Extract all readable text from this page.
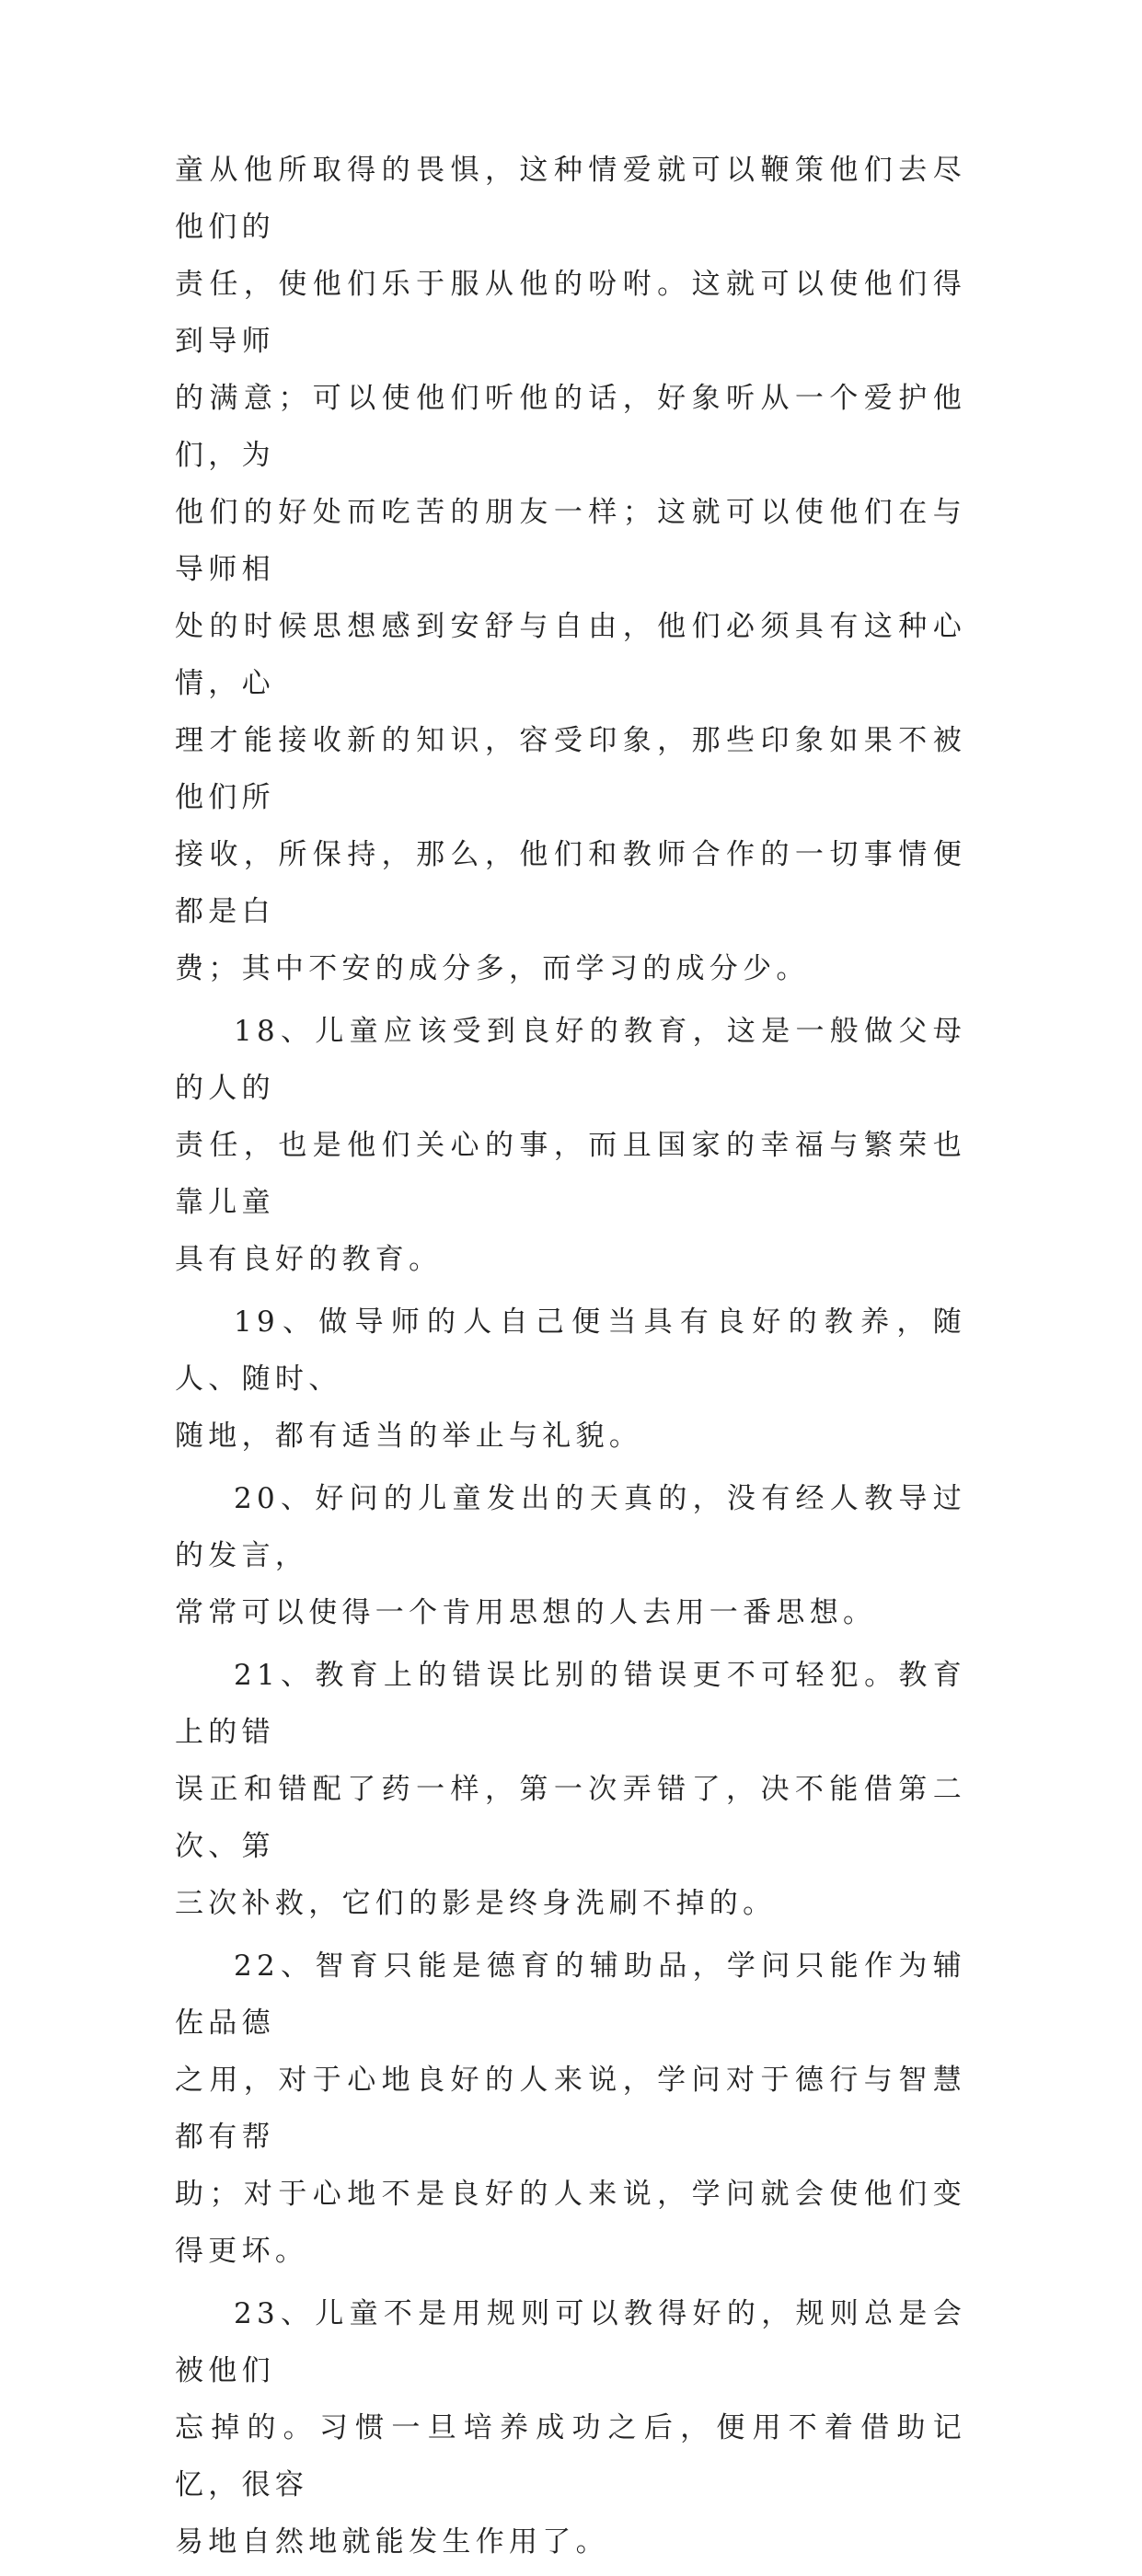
童从他所取得的畏惧，这种情爱就可以鞭策他们去尽他们的
责任，使他们乐于服从他的吩咐。这就可以使他们得到导师
的满意；可以使他们听他的话，好象听从一个爱护他们，为
他们的好处而吃苦的朋友一样；这就可以使他们在与导师相
处的时候思想感到安舒与自由，他们必须具有这种心情，心
理才能接收新的知识，容受印象，那些印象如果不被他们所
接收，所保持，那么，他们和教师合作的一切事情便都是白
费；其中不安的成分多，而学习的成分少。

18、儿童应该受到良好的教育，这是一般做父母的人的
责任，也是他们关心的事，而且国家的幸福与繁荣也靠儿童
具有良好的教育。

19、做导师的人自己便当具有良好的教养，随人、随时、
随地，都有适当的举止与礼貌。

20、好问的儿童发出的天真的，没有经人教导过的发言，
常常可以使得一个肯用思想的人去用一番思想。

21、教育上的错误比别的错误更不可轻犯。教育上的错
误正和错配了药一样，第一次弄错了，决不能借第二次、第
三次补救，它们的影是终身洗刷不掉的。

22、智育只能是德育的辅助品，学问只能作为辅佐品德
之用，对于心地良好的人来说，学问对于德行与智慧都有帮
助；对于心地不是良好的人来说，学问就会使他们变得更坏。

23、儿童不是用规则可以教得好的，规则总是会被他们
忘掉的。习惯一旦培养成功之后，便用不着借助记忆，很容
易地自然地就能发生作用了。
